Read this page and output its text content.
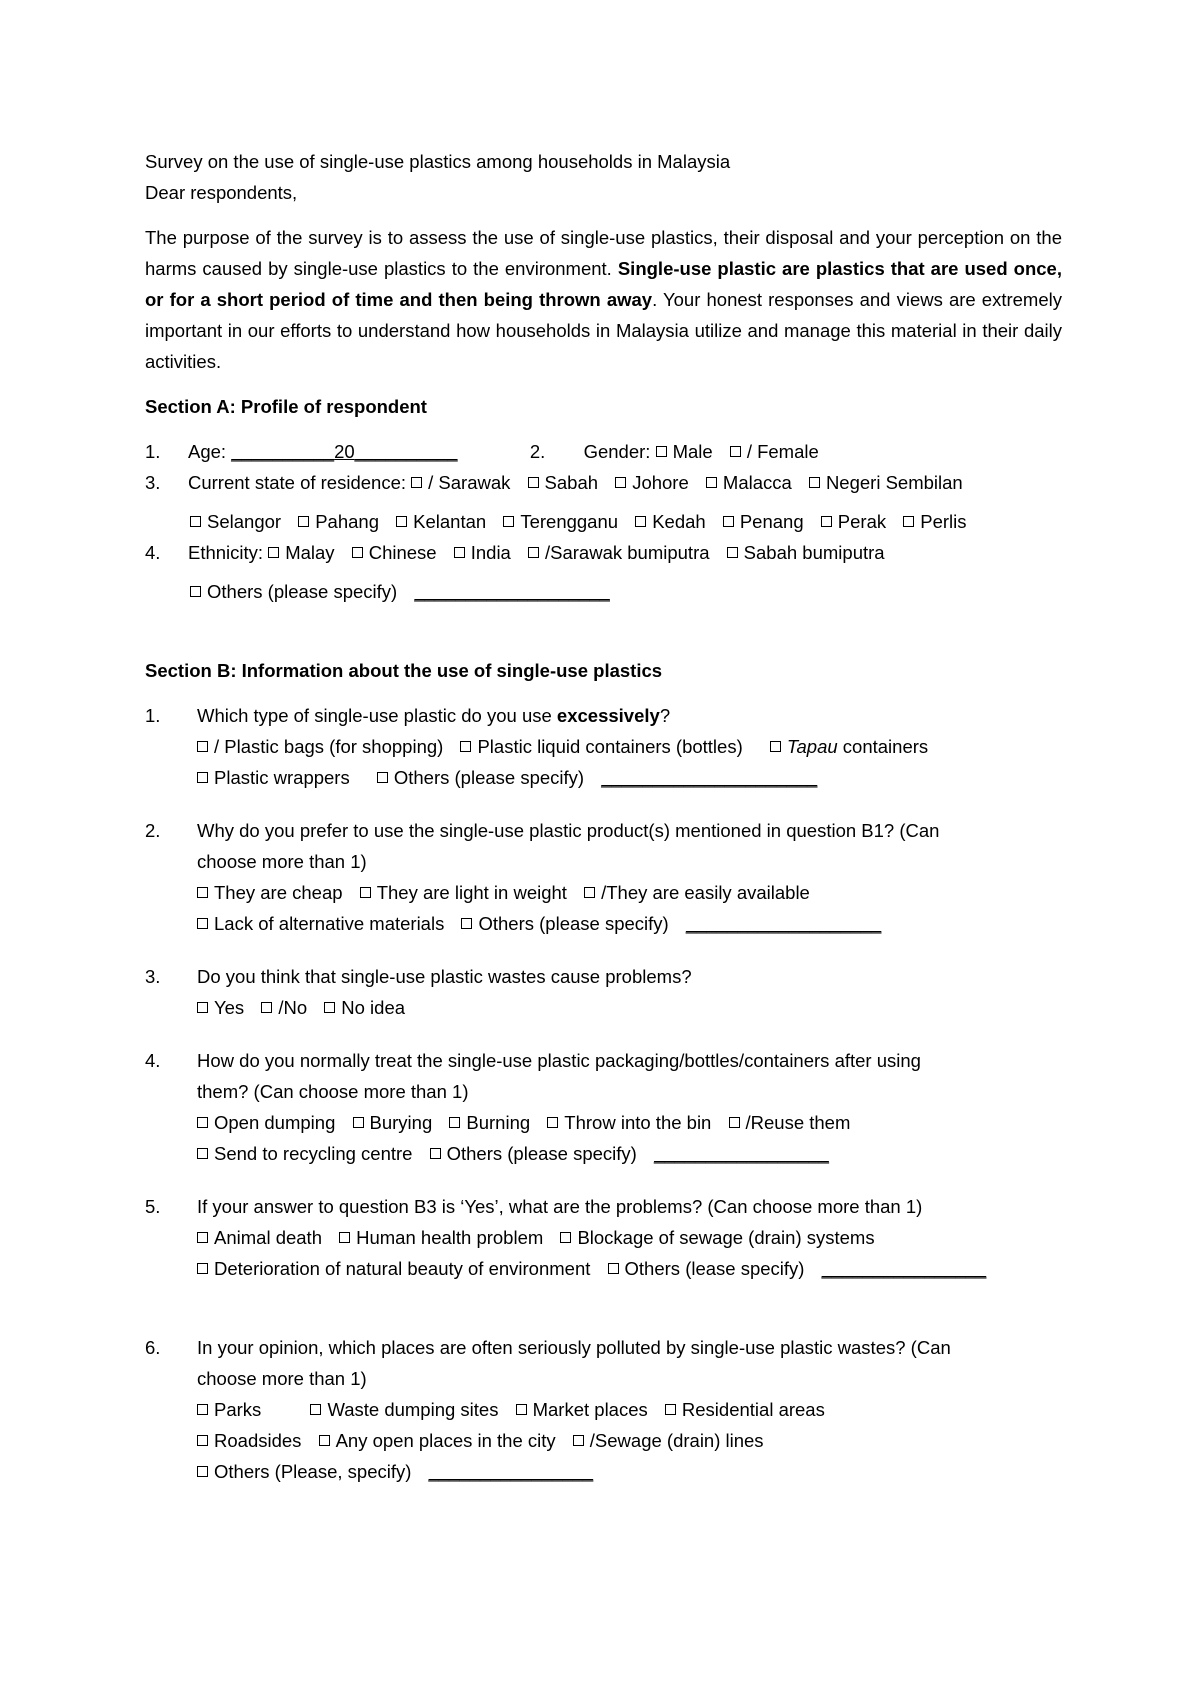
Survey on the use of single-use plastics among households in Malaysia
Dear respondents,
The purpose of the survey is to assess the use of single-use plastics, their disposal and your perception on the harms caused by single-use plastics to the environment. Single-use plastic are plastics that are used once, or for a short period of time and then being thrown away. Your honest responses and views are extremely important in our efforts to understand how households in Malaysia utilize and manage this material in their daily activities.
Section A: Profile of respondent
1. Age: __________20__________	2. Gender: Male / Female
3. Current state of residence: / Sarawak Sabah Johore Malacca Negeri Sembilan
Selangor Pahang Kelantan Terengganu Kedah Penang Perak Perlis
4. Ethnicity: Malay Chinese India /Sarawak bumiputra Sabah bumiputra
Others (please specify) ___________________
Section B: Information about the use of single-use plastics
1. Which type of single-use plastic do you use excessively?
/ Plastic bags (for shopping) Plastic liquid containers (bottles) Tapau containers
Plastic wrappers Others (please specify) _____________________
2. Why do you prefer to use the single-use plastic product(s) mentioned in question B1? (Can
choose more than 1)
They are cheap They are light in weight /They are easily available
Lack of alternative materials Others (please specify) ___________________
3. Do you think that single-use plastic wastes cause problems?
Yes /No No idea
4. How do you normally treat the single-use plastic packaging/bottles/containers after using
them? (Can choose more than 1)
Open dumping Burying Burning Throw into the bin /Reuse them
Send to recycling centre Others (please specify) _________________
5. If your answer to question B3 is ‘Yes’, what are the problems? (Can choose more than 1)
Animal death Human health problem Blockage of sewage (drain) systems
Deterioration of natural beauty of environment Others (lease specify) ________________
6. In your opinion, which places are often seriously polluted by single-use plastic wastes? (Can
choose more than 1)
Parks	Waste dumping sites Market places Residential areas
Roadsides Any open places in the city /Sewage (drain) lines
Others (Please, specify) ________________
